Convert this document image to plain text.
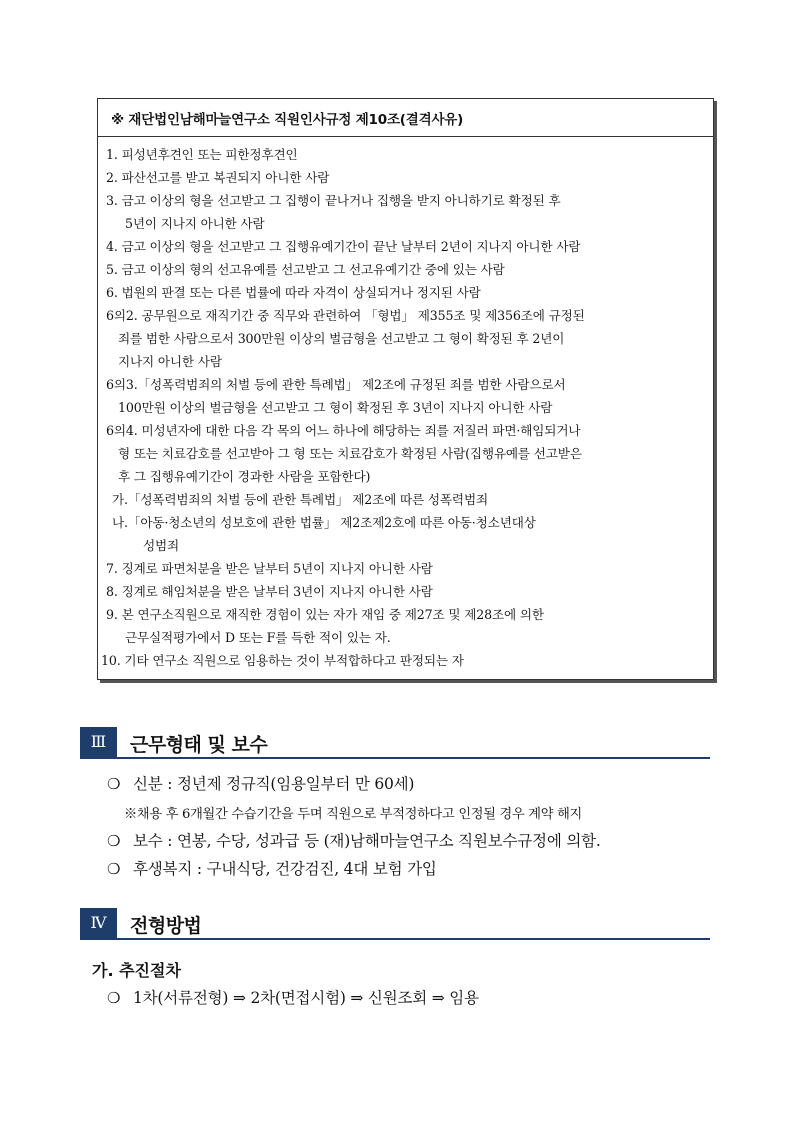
※ 재단법인남해마늘연구소 직원인사규정 제10조(결격사유)
1. 피성년후견인 또는 피한정후견인
2. 파산선고를 받고 복권되지 아니한 사람
3. 금고 이상의 형을 선고받고 그 집행이 끝나거나 집행을 받지 아니하기로 확정된 후
5년이 지나지 아니한 사람
4. 금고 이상의 형을 선고받고 그 집행유예기간이 끝난 날부터 2년이 지나지 아니한 사람
5. 금고 이상의 형의 선고유예를 선고받고 그 선고유예기간 중에 있는 사람
6. 법원의 판결 또는 다른 법률에 따라 자격이 상실되거나 정지된 사람
6의2. 공무원으로 재직기간 중 직무와 관련하여 「형법」 제355조 및 제356조에 규정된
죄를 범한 사람으로서 300만원 이상의 벌금형을 선고받고 그 형이 확정된 후 2년이
지나지 아니한 사람
6의3.「성폭력범죄의 처벌 등에 관한 특례법」 제2조에 규정된 죄를 범한 사람으로서
100만원 이상의 벌금형을 선고받고 그 형이 확정된 후 3년이 지나지 아니한 사람
6의4. 미성년자에 대한 다음 각 목의 어느 하나에 해당하는 죄를 저질러 파면·해임되거나
형 또는 치료감호를 선고받아 그 형 또는 치료감호가 확정된 사람(집행유예를 선고받은
후 그 집행유예기간이 경과한 사람을 포함한다)
가.「성폭력범죄의 처벌 등에 관한 특례법」 제2조에 따른 성폭력범죄
나.「아동·청소년의 성보호에 관한 법률」 제2조제2호에 따른 아동·청소년대상
성범죄
7. 징계로 파면처분을 받은 날부터 5년이 지나지 아니한 사람
8. 징계로 해임처분을 받은 날부터 3년이 지나지 아니한 사람
9. 본 연구소직원으로 재직한 경험이 있는 자가 재임 중 제27조 및 제28조에 의한
근무실적평가에서 D 또는 F를 득한 적이 있는 자.
10. 기타 연구소 직원으로 임용하는 것이 부적합하다고 판정되는 자
Ⅲ	근무형태 및 보수
❍ 신분 : 정년제 정규직(임용일부터 만 60세)
※채용 후 6개월간 수습기간을 두며 직원으로 부적정하다고 인정될 경우 계약 해지
❍ 보수 : 연봉, 수당, 성과급 등 (재)남해마늘연구소 직원보수규정에 의함.
❍ 후생복지 : 구내식당, 건강검진, 4대 보험 가입
Ⅳ	전형방법
가. 추진절차
❍ 1차(서류전형) ⇒ 2차(면접시험) ⇒ 신원조회 ⇒ 임용
